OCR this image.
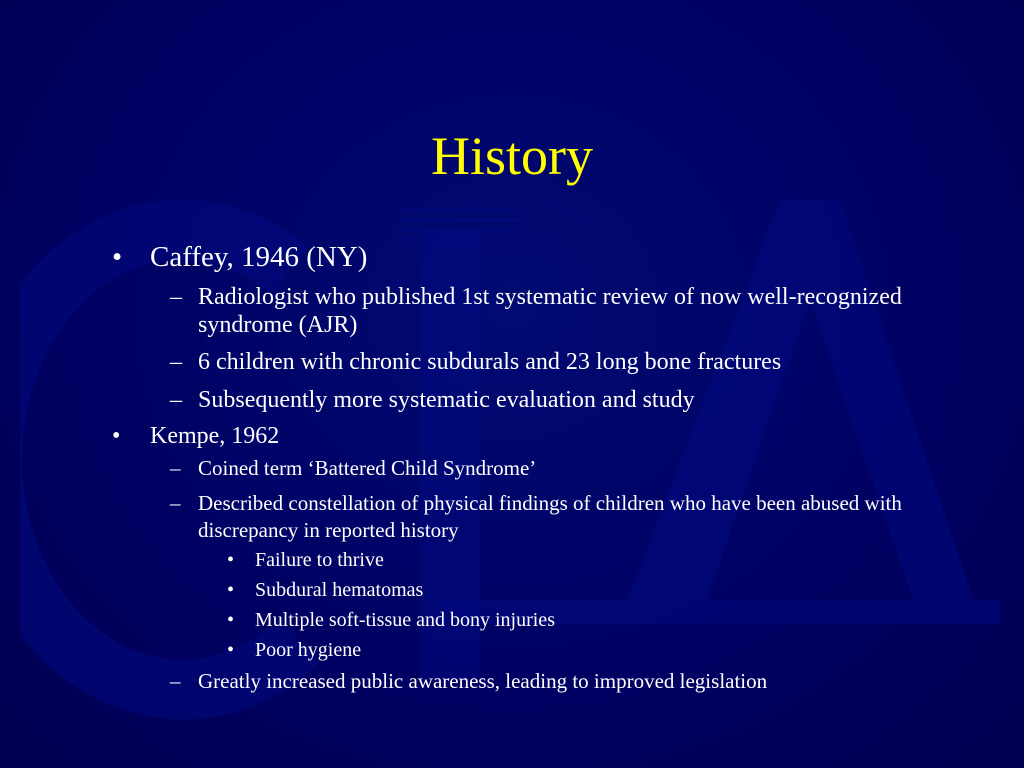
History
• Caffey, 1946 (NY)
– Radiologist who published 1st systematic review of now well-recognized syndrome (AJR)
– 6 children with chronic subdurals and 23 long bone fractures
– Subsequently more systematic evaluation and study
• Kempe, 1962
– Coined term ‘Battered Child Syndrome’
– Described constellation of physical findings of children who have been abused with discrepancy in reported history
• Failure to thrive
• Subdural hematomas
• Multiple soft-tissue and bony injuries
• Poor hygiene
– Greatly increased public awareness, leading to improved legislation
